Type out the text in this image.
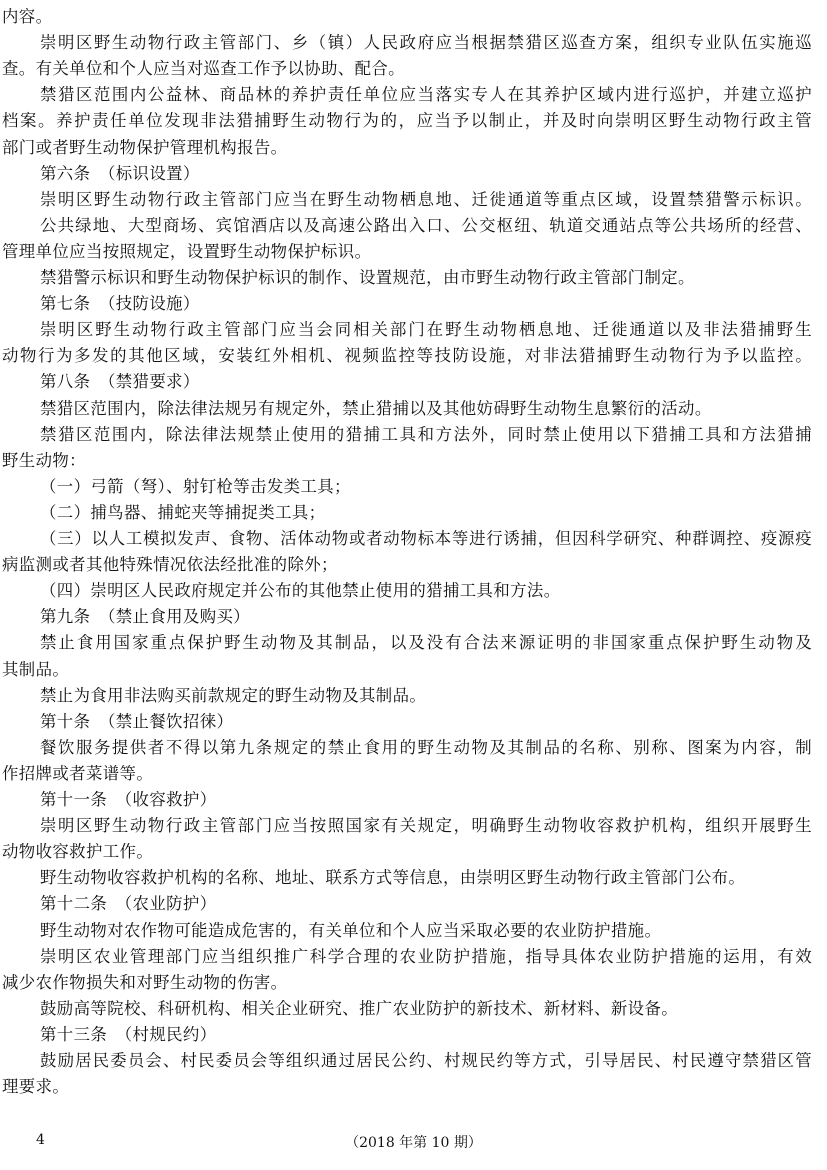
内容。
崇明区野生动物行政主管部门、乡（镇）人民政府应当根据禁猎区巡查方案，组织专业队伍实施巡
查。有关单位和个人应当对巡查工作予以协助、配合。
禁猎区范围内公益林、商品林的养护责任单位应当落实专人在其养护区域内进行巡护，并建立巡护
档案。养护责任单位发现非法猎捕野生动物行为的，应当予以制止，并及时向崇明区野生动物行政主管
部门或者野生动物保护管理机构报告。
第六条　（标识设置）
崇明区野生动物行政主管部门应当在野生动物栖息地、迁徙通道等重点区域，设置禁猎警示标识。
公共绿地、大型商场、宾馆酒店以及高速公路出入口、公交枢纽、轨道交通站点等公共场所的经营、
管理单位应当按照规定，设置野生动物保护标识。
禁猎警示标识和野生动物保护标识的制作、设置规范，由市野生动物行政主管部门制定。
第七条　（技防设施）
崇明区野生动物行政主管部门应当会同相关部门在野生动物栖息地、迁徙通道以及非法猎捕野生
动物行为多发的其他区域，安装红外相机、视频监控等技防设施，对非法猎捕野生动物行为予以监控。
第八条　（禁猎要求）
禁猎区范围内，除法律法规另有规定外，禁止猎捕以及其他妨碍野生动物生息繁衍的活动。
禁猎区范围内，除法律法规禁止使用的猎捕工具和方法外，同时禁止使用以下猎捕工具和方法猎捕
野生动物：
（一）弓箭（弩）、射钉枪等击发类工具；
（二）捕鸟器、捕蛇夹等捕捉类工具；
（三）以人工模拟发声、食物、活体动物或者动物标本等进行诱捕，但因科学研究、种群调控、疫源疫
病监测或者其他特殊情况依法经批准的除外；
（四）崇明区人民政府规定并公布的其他禁止使用的猎捕工具和方法。
第九条　（禁止食用及购买）
禁止食用国家重点保护野生动物及其制品，以及没有合法来源证明的非国家重点保护野生动物及
其制品。
禁止为食用非法购买前款规定的野生动物及其制品。
第十条　（禁止餐饮招徕）
餐饮服务提供者不得以第九条规定的禁止食用的野生动物及其制品的名称、别称、图案为内容，制
作招牌或者菜谱等。
第十一条　（收容救护）
崇明区野生动物行政主管部门应当按照国家有关规定，明确野生动物收容救护机构，组织开展野生
动物收容救护工作。
野生动物收容救护机构的名称、地址、联系方式等信息，由崇明区野生动物行政主管部门公布。
第十二条　（农业防护）
野生动物对农作物可能造成危害的，有关单位和个人应当采取必要的农业防护措施。
崇明区农业管理部门应当组织推广科学合理的农业防护措施，指导具体农业防护措施的运用，有效
减少农作物损失和对野生动物的伤害。
鼓励高等院校、科研机构、相关企业研究、推广农业防护的新技术、新材料、新设备。
第十三条　（村规民约）
鼓励居民委员会、村民委员会等组织通过居民公约、村规民约等方式，引导居民、村民遵守禁猎区管
理要求。
4	（2018 年第 10 期）
